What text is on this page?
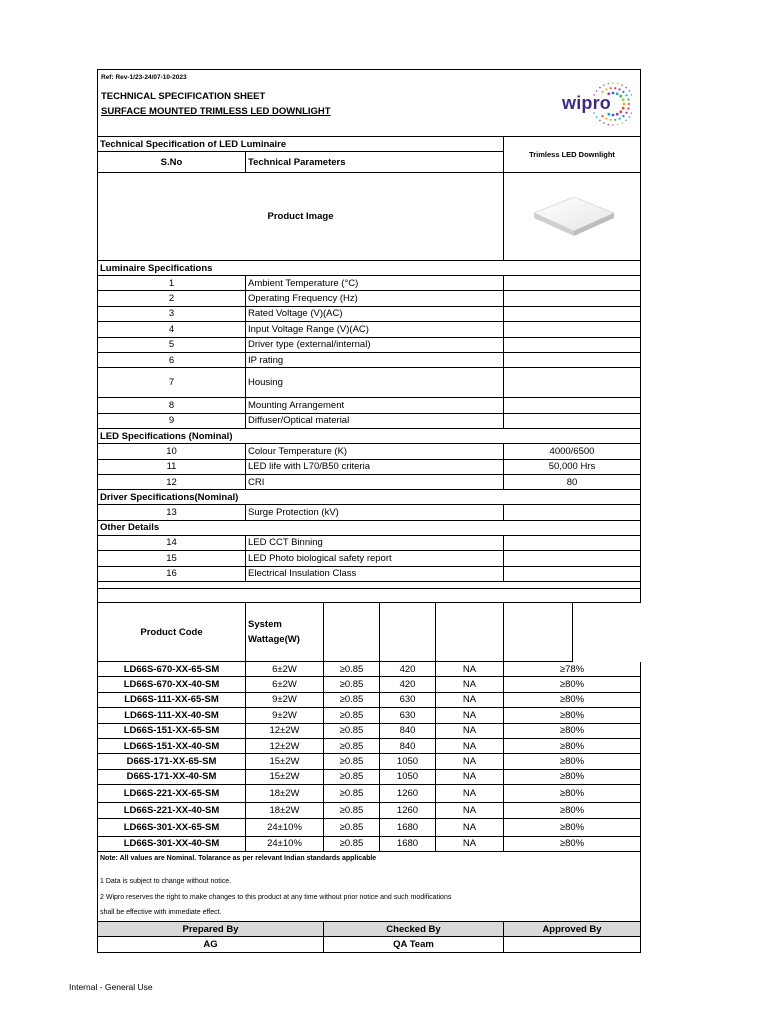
Ref: Rev-1/23-24/07-10-2023
TECHNICAL SPECIFICATION SHEET
SURFACE MOUNTED TRIMLESS LED DOWNLIGHT	wipro
Technical Specification of LED Luminaire
S.No	Technical Parameters
Trimless LED Downlight
Product Image
Luminaire Specifications
1	Ambient Temperature (°C)
2	Operating Frequency (Hz)
3	Rated Voltage (V)(AC)
4	Input Voltage Range (V)(AC)
5	Driver type (external/internal)
6	IP rating
7	Housing
8	Mounting Arrangement
9	Diffuser/Optical material
LED Specifications (Nominal)
10	Colour Temperature (K)	4000/6500
11	LED life with L70/B50 criteria	50,000 Hrs
12	CRI	80
Driver Specifications(Nominal)
13	Surge Protection (kV)
Other Details
14	LED CCT Binning
15	LED Photo biological safety report
16	Electrical Insulation Class
Product Code
System Wattage(W)
LD66S-670-XX-65-SM	6±2W	≥0.85	420	NA	≥78%
LD66S-670-XX-40-SM	6±2W	≥0.85	420	NA	≥80%
LD66S-111-XX-65-SM	9±2W	≥0.85	630	NA	≥80%
LD66S-111-XX-40-SM	9±2W	≥0.85	630	NA	≥80%
LD66S-151-XX-65-SM	12±2W	≥0.85	840	NA	≥80%
LD66S-151-XX-40-SM	12±2W	≥0.85	840	NA	≥80%
D66S-171-XX-65-SM	15±2W	≥0.85	1050	NA	≥80%
D66S-171-XX-40-SM	15±2W	≥0.85	1050	NA	≥80%
LD66S-221-XX-65-SM	18±2W	≥0.85	1260	NA	≥80%
LD66S-221-XX-40-SM	18±2W	≥0.85	1260	NA	≥80%
LD66S-301-XX-65-SM	24±10%	≥0.85	1680	NA	≥80%
LD66S-301-XX-40-SM	24±10%	≥0.85	1680	NA	≥80%
Prepared By	Checked By	Approved By
AG	QA Team
Note: All values are Nominal. Tolarance as per relevant Indian standards applicable
1 Data is subject to change without notice.
2 Wipro reserves the right to make changes to this product at any time without prior notice and such modifications
shall be effective with immediate effect.
Internal - General Use
